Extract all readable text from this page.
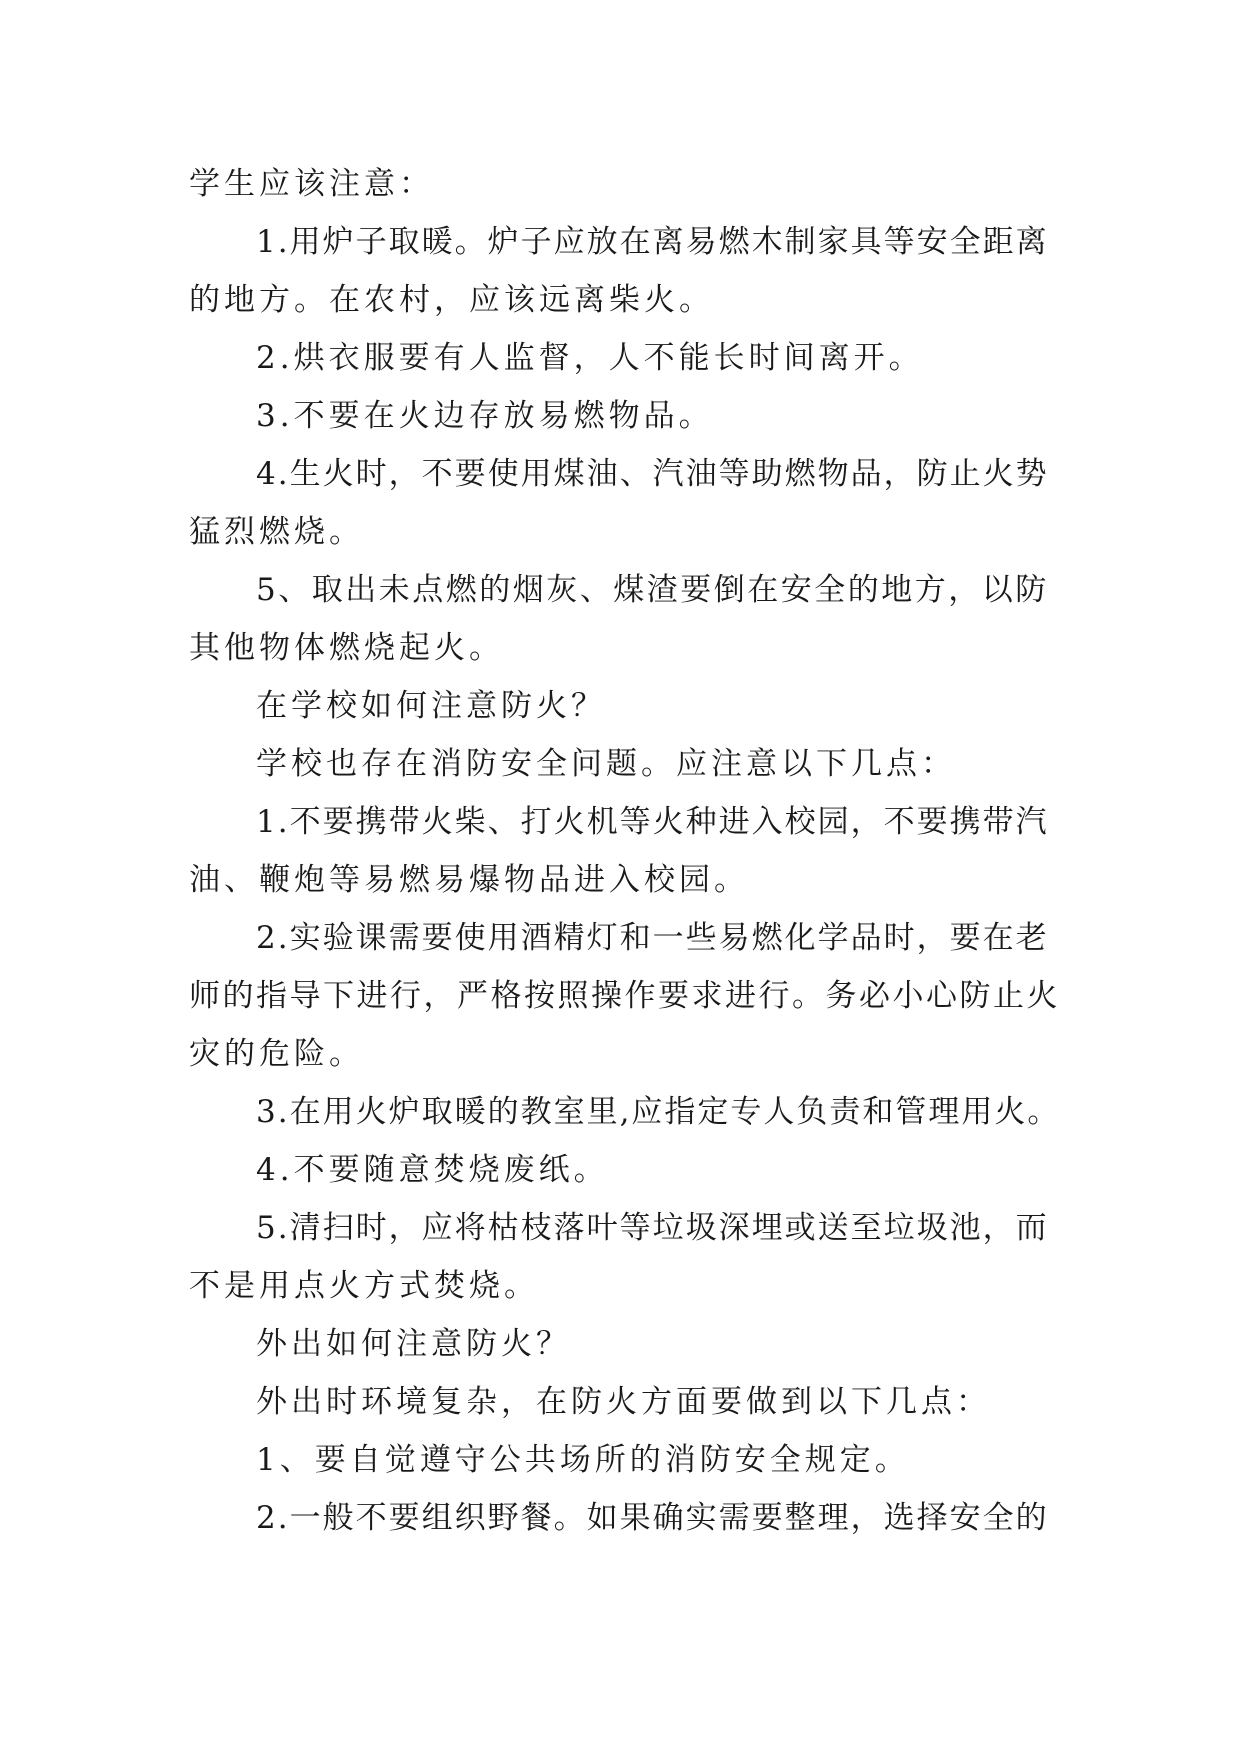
学生应该注意：
1.用炉子取暖。炉子应放在离易燃木制家具等安全距离
的地方。在农村，应该远离柴火。
2.烘衣服要有人监督，人不能长时间离开。
3.不要在火边存放易燃物品。
4.生火时，不要使用煤油、汽油等助燃物品，防止火势
猛烈燃烧。
5、取出未点燃的烟灰、煤渣要倒在安全的地方，以防
其他物体燃烧起火。
在学校如何注意防火？
学校也存在消防安全问题。应注意以下几点：
1.不要携带火柴、打火机等火种进入校园，不要携带汽
油、鞭炮等易燃易爆物品进入校园。
2.实验课需要使用酒精灯和一些易燃化学品时，要在老
师的指导下进行，严格按照操作要求进行。务必小心防止火
灾的危险。
3.在用火炉取暖的教室里,应指定专人负责和管理用火。
4.不要随意焚烧废纸。
5.清扫时，应将枯枝落叶等垃圾深埋或送至垃圾池，而
不是用点火方式焚烧。
外出如何注意防火？
外出时环境复杂，在防火方面要做到以下几点：
1、要自觉遵守公共场所的消防安全规定。
2.一般不要组织野餐。如果确实需要整理，选择安全的
